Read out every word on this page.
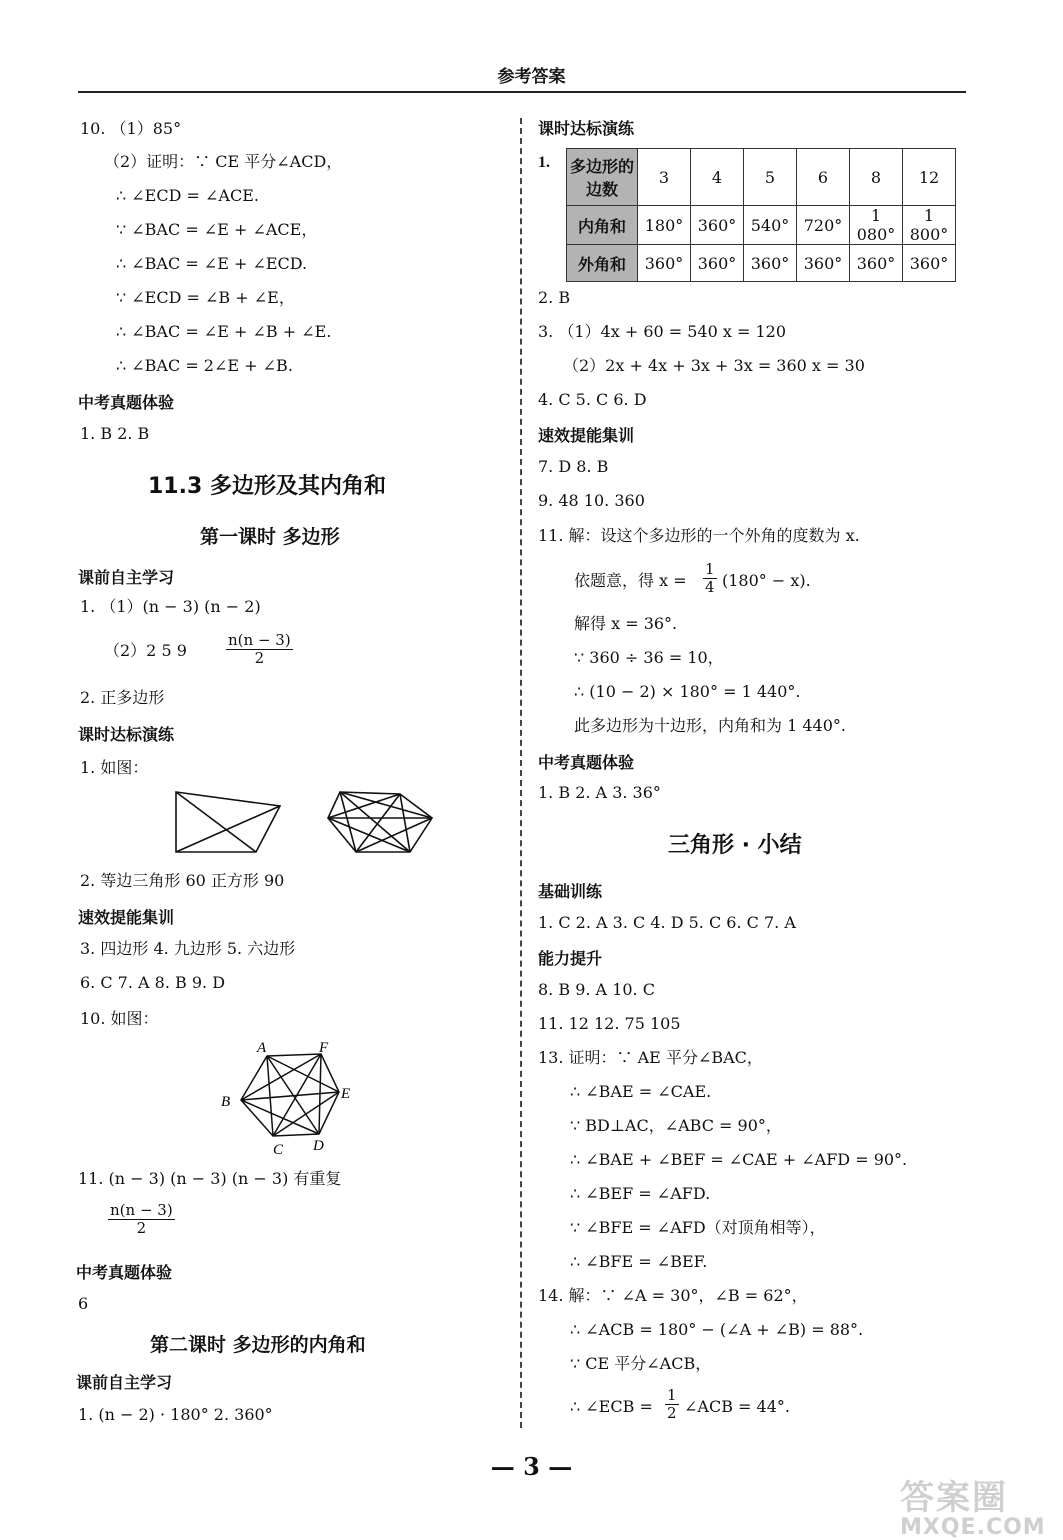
参考答案
10. （1）85°
（2）证明：∵ CE 平分∠ACD，
∴ ∠ECD = ∠ACE.
∵ ∠BAC = ∠E + ∠ACE，
∴ ∠BAC = ∠E + ∠ECD.
∵ ∠ECD = ∠B + ∠E，
∴ ∠BAC = ∠E + ∠B + ∠E.
∴ ∠BAC = 2∠E + ∠B.
中考真题体验
1. B 2. B
11.3 多边形及其内角和
第一课时 多边形
课前自主学习
1. （1）(n − 3) (n − 2)
（2）2 5 9	$\frac{n(n - 3)}{2}$
2. 正多边形
课时达标演练
1. 如图：
2. 等边三角形 60 正方形 90
速效提能集训
3. 四边形 4. 九边形 5. 六边形
6. C 7. A 8. B 9. D
10. 如图：
A	F
B	E
C D
11. (n − 3) (n − 3) (n − 3) 有重复
$\frac{n(n - 3)}{2}$
中考真题体验
6
第二课时 多边形的内角和
课前自主学习
1. (n − 2) · 180° 2. 360°
课时达标演练
1. 多边形的边数	3	4	5	6	8	12
内角和	180°	360°	540°	720°	1 080°	1 800°
外角和	360°	360°	360°	360°	360°	360°
2. B
3. （1）4x + 60 = 540 x = 120
（2）2x + 4x + 3x + 3x = 360 x = 30
4. C 5. C 6. D
速效提能集训
7. D 8. B
9. 48 10. 360
11. 解：设这个多边形的一个外角的度数为 x.
依题意，得 $x = \frac{1}{4} (180^\circ - x)$.
解得 x = 36°.
∵ 360 ÷ 36 = 10，
∴ (10 − 2) × 180° = 1 440°.
此多边形为十边形，内角和为 1 440°.
中考真题体验
1. B 2. A 3. 36°
三角形 · 小结
基础训练
1. C 2. A 3. C 4. D 5. C 6. C 7. A
能力提升
8. B 9. A 10. C
11. 12 12. 75 105
13. 证明：∵ AE 平分∠BAC，
∴ ∠BAE = ∠CAE.
∵ BD⊥AC，∠ABC = 90°，
∴ ∠BAE + ∠BEF = ∠CAE + ∠AFD = 90°.
∴ ∠BEF = ∠AFD.
∵ ∠BFE = ∠AFD（对顶角相等），
∴ ∠BFE = ∠BEF.
14. 解：∵ ∠A = 30°，∠B = 62°，
∴ ∠ACB = 180° − (∠A + ∠B) = 88°.
∵ CE 平分∠ACB，
∴ ∠ECB = $\frac{1}{2}$ ∠ACB = 44°.
— 3 —
答案圈
MXQE.COM
